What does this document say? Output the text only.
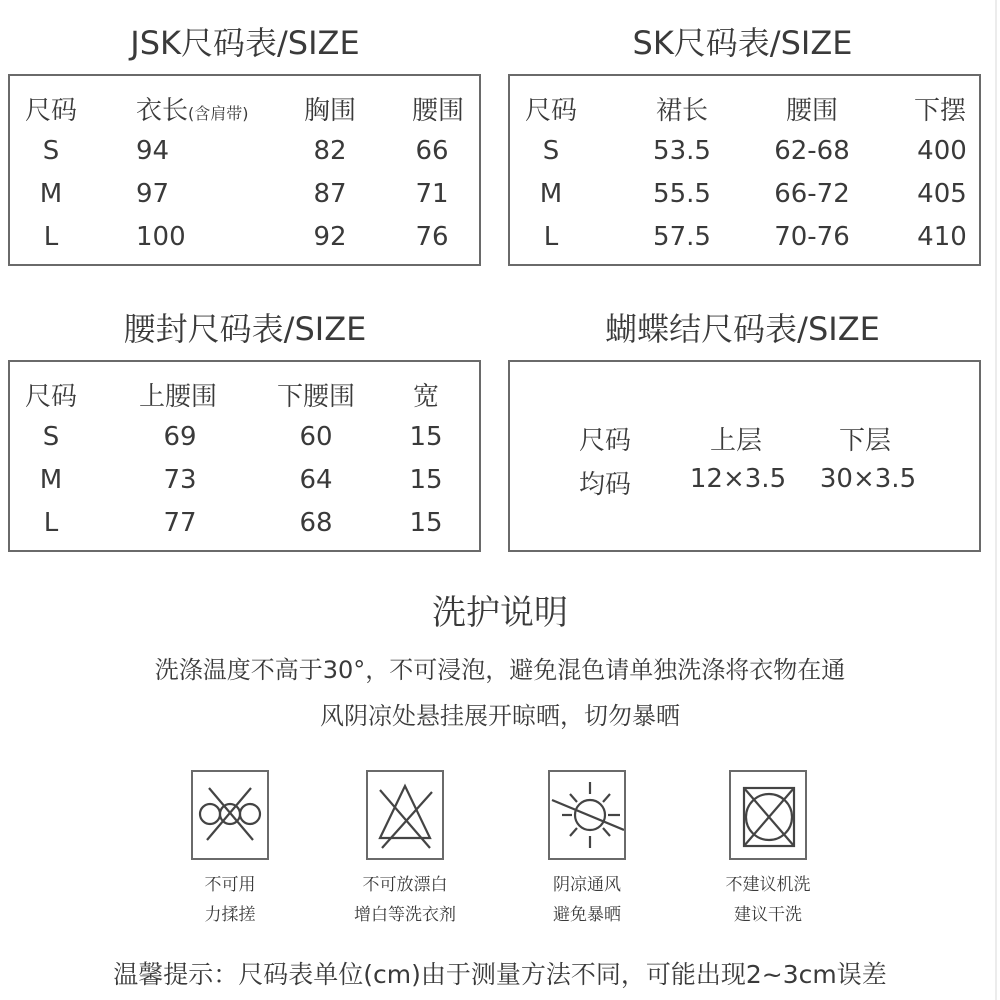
JSK尺码表/SIZE
尺码 衣长(含肩带) 胸围 腰围
S	94	82	66
M	97	87	71
L	100	92	76
SK尺码表/SIZE
尺码	裙长	腰围	下摆
S	53.5 62-68	400
M	55.5 66-72	405
L	57.5 70-76	410
腰封尺码表/SIZE
尺码 上腰围 下腰围 宽
S	69	60	15
M	73	64	15
L	77	68	15
蝴蝶结尺码表/SIZE
尺码	上层	下层
均码 12×3.5 30×3.5
洗护说明
洗涤温度不高于30°，不可浸泡，避免混色请单独洗涤将衣物在通
风阴凉处悬挂展开晾晒，切勿暴晒
不可用
力揉搓
不可放漂白
增白等洗衣剂
阴凉通风
避免暴晒
不建议机洗
建议干洗
温馨提示：尺码表单位(cm)由于测量方法不同，可能出现2~3cm误差
